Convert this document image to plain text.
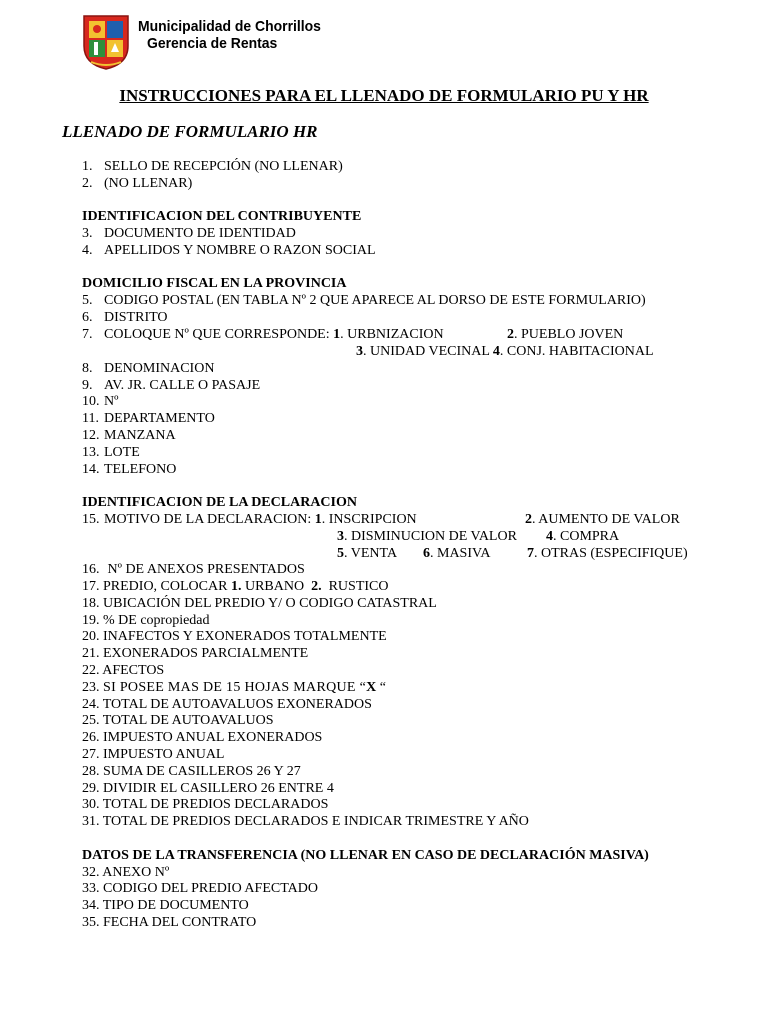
Municipalidad de Chorrillos
Gerencia de Rentas
INSTRUCCIONES PARA EL LLENADO DE FORMULARIO PU Y HR
LLENADO DE FORMULARIO HR
1. SELLO DE RECEPCIÓN (NO LLENAR)
2. (NO LLENAR)
IDENTIFICACION DEL CONTRIBUYENTE
3. DOCUMENTO DE IDENTIDAD
4. APELLIDOS Y NOMBRE O RAZON SOCIAL
DOMICILIO FISCAL EN LA PROVINCIA
5. CODIGO POSTAL (EN TABLA Nº 2 QUE APARECE AL DORSO DE ESTE FORMULARIO)
6. DISTRITO
7. COLOQUE Nº QUE CORRESPONDE: 1. URBNIZACION	2. PUEBLO JOVEN
3. UNIDAD VECINAL 4. CONJ. HABITACIONAL
8. DENOMINACION
9. AV. JR. CALLE O PASAJE
10. Nº
11. DEPARTAMENTO
12. MANZANA
13. LOTE
14. TELEFONO
IDENTIFICACION DE LA DECLARACION
15. MOTIVO DE LA DECLARACION: 1. INSCRIPCION	2. AUMENTO DE VALOR
3. DISMINUCION DE VALOR 4. COMPRA
5. VENTA 6. MASIVA	7. OTRAS (ESPECIFIQUE)
16. Nº DE ANEXOS PRESENTADOS
17. PREDIO, COLOCAR 1. URBANO 2. RUSTICO
18. UBICACIÓN DEL PREDIO Y/ O CODIGO CATASTRAL
19. % DE copropiedad
20. INAFECTOS Y EXONERADOS TOTALMENTE
21. EXONERADOS PARCIALMENTE
22. AFECTOS
23. SI POSEE MAS DE 15 HOJAS MARQUE “X “
24. TOTAL DE AUTOAVALUOS EXONERADOS
25. TOTAL DE AUTOAVALUOS
26. IMPUESTO ANUAL EXONERADOS
27. IMPUESTO ANUAL
28. SUMA DE CASILLEROS 26 Y 27
29. DIVIDIR EL CASILLERO 26 ENTRE 4
30. TOTAL DE PREDIOS DECLARADOS
31. TOTAL DE PREDIOS DECLARADOS E INDICAR TRIMESTRE Y AÑO
DATOS DE LA TRANSFERENCIA (NO LLENAR EN CASO DE DECLARACIÓN MASIVA)
32. ANEXO Nº
33. CODIGO DEL PREDIO AFECTADO
34. TIPO DE DOCUMENTO
35. FECHA DEL CONTRATO
